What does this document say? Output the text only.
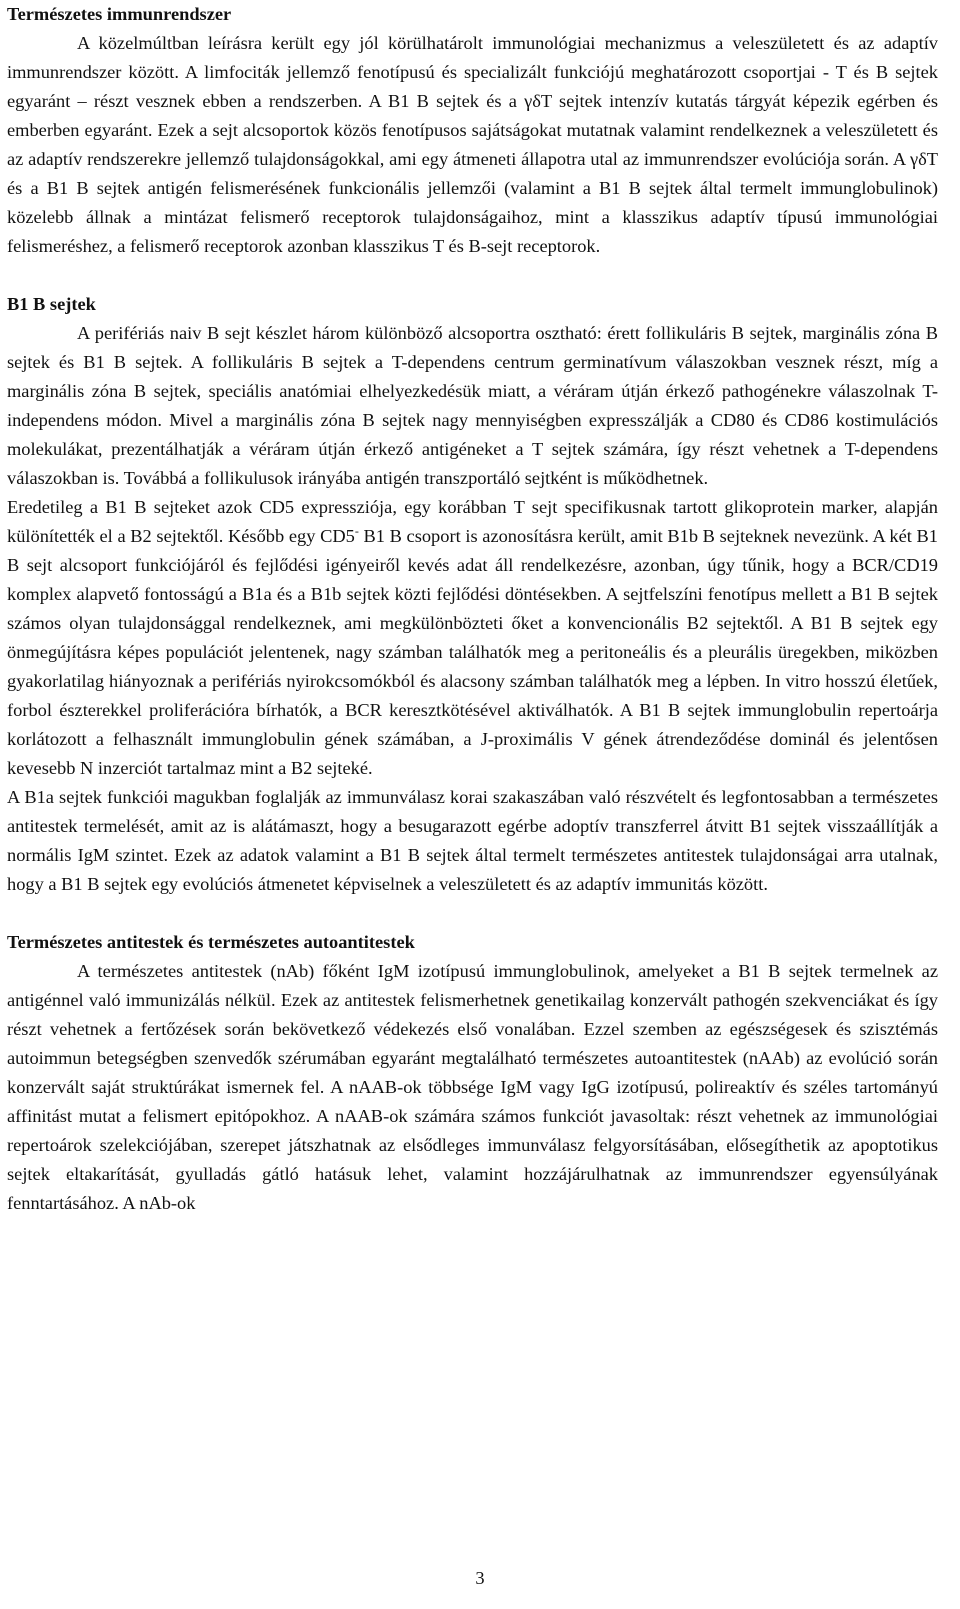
Természetes immunrendszer
A közelmúltban leírásra került egy jól körülhatárolt immunológiai mechanizmus a veleszületett és az adaptív immunrendszer között. A limfociták jellemző fenotípusú és specializált funkciójú meghatározott csoportjai - T és B sejtek egyaránt – részt vesznek ebben a rendszerben. A B1 B sejtek és a γδT sejtek intenzív kutatás tárgyát képezik egérben és emberben egyaránt. Ezek a sejt alcsoportok közös fenotípusos sajátságokat mutatnak valamint rendelkeznek a veleszületett és az adaptív rendszerekre jellemző tulajdonságokkal, ami egy átmeneti állapotra utal az immunrendszer evolúciója során. A γδT és a B1 B sejtek antigén felismerésének funkcionális jellemzői (valamint a B1 B sejtek által termelt immunglobulinok) közelebb állnak a mintázat felismerő receptorok tulajdonságaihoz, mint a klasszikus adaptív típusú immunológiai felismeréshez, a felismerő receptorok azonban klasszikus T és B-sejt receptorok.
B1 B sejtek
A perifériás naiv B sejt készlet három különböző alcsoportra osztható: érett follikuláris B sejtek, marginális zóna B sejtek és B1 B sejtek. A follikuláris B sejtek a T-dependens centrum germinatívum válaszokban vesznek részt, míg a marginális zóna B sejtek, speciális anatómiai elhelyezkedésük miatt, a véráram útján érkező pathogénekre válaszolnak T-independens módon. Mivel a marginális zóna B sejtek nagy mennyiségben expresszálják a CD80 és CD86 kostimulációs molekulákat, prezentálhatják a véráram útján érkező antigéneket a T sejtek számára, így részt vehetnek a T-dependens válaszokban is. Továbbá a follikulusok irányába antigén transzportáló sejtként is működhetnek.
Eredetileg a B1 B sejteket azok CD5 expressziója, egy korábban T sejt specifikusnak tartott glikoprotein marker, alapján különítették el a B2 sejtektől. Később egy CD5- B1 B csoport is azonosításra került, amit B1b B sejteknek nevezünk. A két B1 B sejt alcsoport funkciójáról és fejlődési igényeiről kevés adat áll rendelkezésre, azonban, úgy tűnik, hogy a BCR/CD19 komplex alapvető fontosságú a B1a és a B1b sejtek közti fejlődési döntésekben. A sejtfelszíni fenotípus mellett a B1 B sejtek számos olyan tulajdonsággal rendelkeznek, ami megkülönbözteti őket a konvencionális B2 sejtektől. A B1 B sejtek egy önmegújításra képes populációt jelentenek, nagy számban találhatók meg a peritoneális és a pleurális üregekben, miközben gyakorlatilag hiányoznak a perifériás nyirokcsomókból és alacsony számban találhatók meg a lépben. In vitro hosszú életűek, forbol észterekkel proliferációra bírhatók, a BCR keresztkötésével aktiválhatók. A B1 B sejtek immunglobulin repertoárja korlátozott a felhasznált immunglobulin gének számában, a J-proximális V gének átrendeződése dominál és jelentősen kevesebb N inzerciót tartalmaz mint a B2 sejteké.
A B1a sejtek funkciói magukban foglalják az immunválasz korai szakaszában való részvételt és legfontosabban a természetes antitestek termelését, amit az is alátámaszt, hogy a besugarazott egérbe adoptív transzferrel átvitt B1 sejtek visszaállítják a normális IgM szintet. Ezek az adatok valamint a B1 B sejtek által termelt természetes antitestek tulajdonságai arra utalnak, hogy a B1 B sejtek egy evolúciós átmenetet képviselnek a veleszületett és az adaptív immunitás között.
Természetes antitestek és természetes autoantitestek
A természetes antitestek (nAb) főként IgM izotípusú immunglobulinok, amelyeket a B1 B sejtek termelnek az antigénnel való immunizálás nélkül. Ezek az antitestek felismerhetnek genetikailag konzervált pathogén szekvenciákat és így részt vehetnek a fertőzések során bekövetkező védekezés első vonalában. Ezzel szemben az egészségesek és szisztémás autoimmun betegségben szenvedők szérumában egyaránt megtalálható természetes autoantitestek (nAAb) az evolúció során konzervált saját struktúrákat ismernek fel. A nAAB-ok többsége IgM vagy IgG izotípusú, polireaktív és széles tartományú affinitást mutat a felismert epitópokhoz. A nAAB-ok számára számos funkciót javasoltak: részt vehetnek az immunológiai repertoárok szelekciójában, szerepet játszhatnak az elsődleges immunválasz felgyorsításában, elősegíthetik az apoptotikus sejtek eltakarítását, gyulladás gátló hatásuk lehet, valamint hozzájárulhatnak az immunrendszer egyensúlyának fenntartásához. A nAb-ok
3
